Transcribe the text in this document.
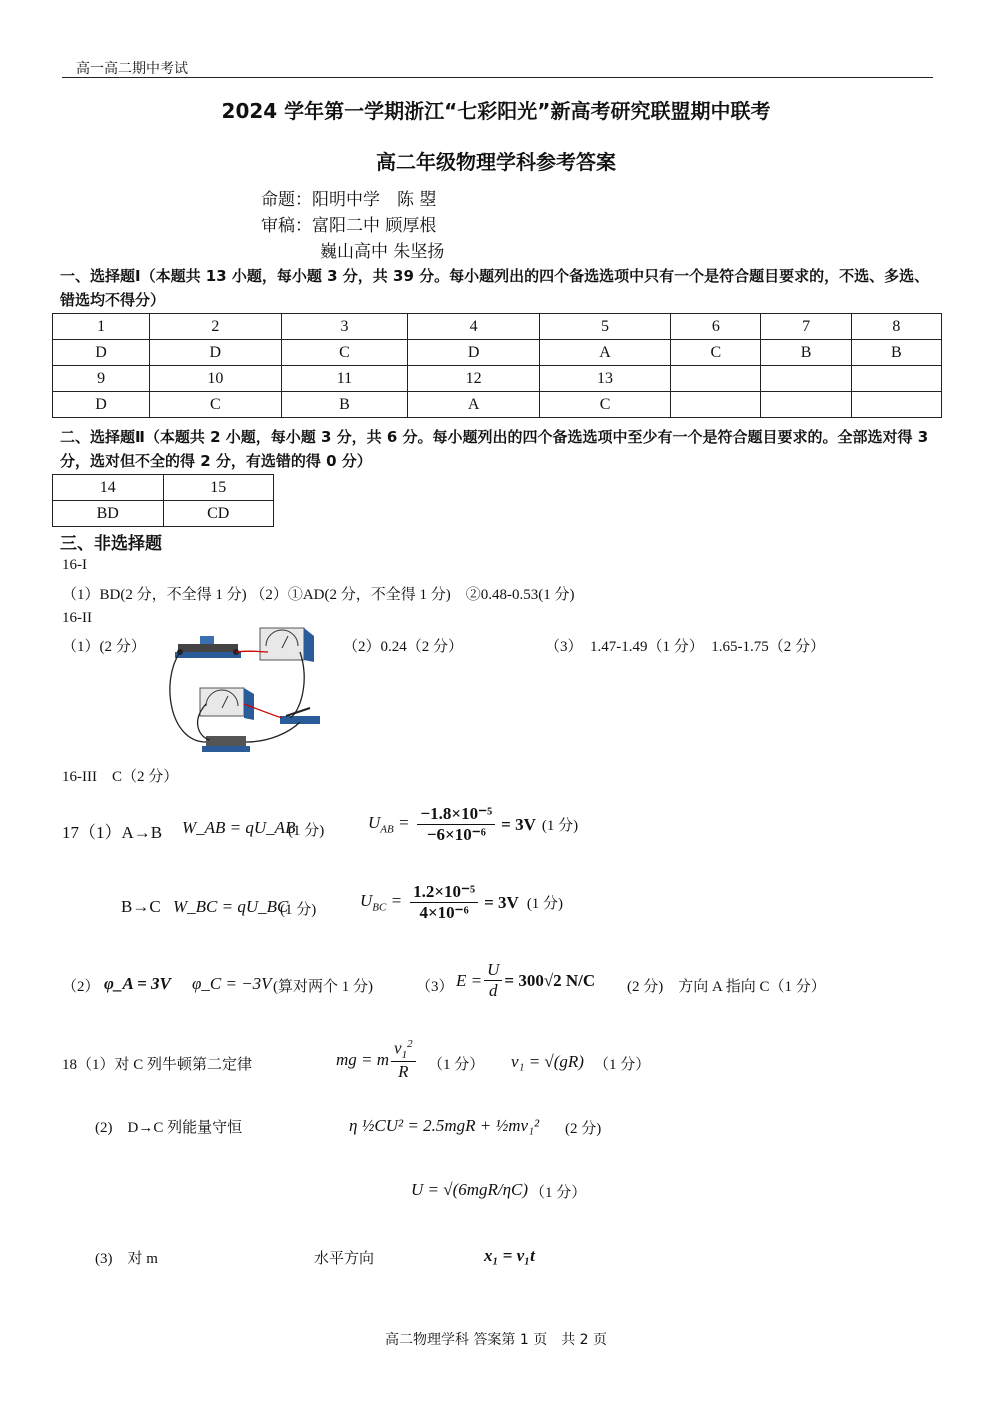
高一高二期中考试
2024 学年第一学期浙江“七彩阳光”新高考研究联盟期中联考
高二年级物理学科参考答案
命题：阳明中学　陈 曌
审稿：富阳二中 顾厚根
巍山高中 朱坚扬
一、选择题Ⅰ（本题共 13 小题，每小题 3 分，共 39 分。每小题列出的四个备选选项中只有一个是符合题目要求的，不选、多选、错选均不得分）
1	2	3	4	5	6	7	8
D	D	C	D	A	C	B	B
9	10	11	12	13			
D	C	B	A	C			
二、选择题Ⅱ（本题共 2 小题，每小题 3 分，共 6 分。每小题列出的四个备选选项中至少有一个是符合题目要求的。全部选对得 3 分，选对但不全的得 2 分，有选错的得 0 分）
14	15
BD	CD
三、非选择题
16-I
（1）BD(2 分，不全得 1 分) （2）①AD(2 分，不全得 1 分)　②0.48-0.53(1 分)
16-II
（1）(2 分）	（2）0.24（2 分）	（3）　1.47-1.49（1 分）　1.65-1.75（2 分）
16-III　C（2 分）
17（1）A→B W_AB = qU_AB
(1 分)	$U_{AB} = \frac{\text{−1.8×10⁻⁵}}{\text{−6×10⁻⁶}} = 3V$ (1 分)
B→C W_BC = qU_BC
(1 分)	$U_{BC} = \frac{\text{1.2×10⁻⁵}}{\text{4×10⁻⁶}} = 3V$ (1 分)
（2） φ_A = 3V φ_C = −3V (算对两个 1 分)	（3） $E = \frac{U}{d} = 300√2$ N/C (2 分)　方向 A 指向 C（1 分）
18（1）对 C 列牛顿第二定律	mg = m $\frac{v_1^2}{R} (1$ 分） v₁ = √(gR) （1 分）
(2)　D→C 列能量守恒	η ½CU² = 2.5mgR + ½mv₁² (2 分)
U = √(6mgR/ηC) （1 分）
(3)　对 m	水平方向	x₁ = v₁t
高二物理学科 答案第 1 页　共 2 页
